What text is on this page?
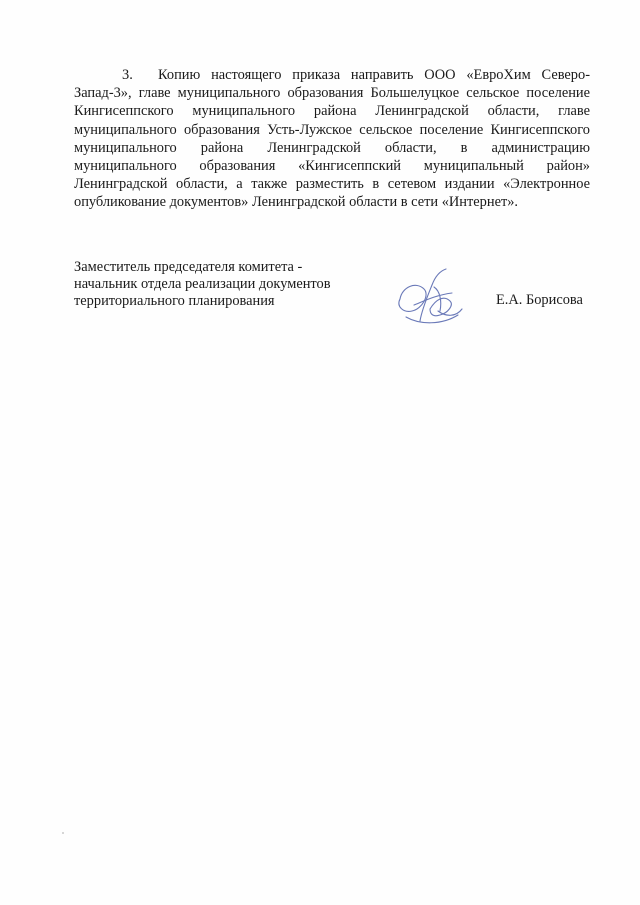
3. Копию настоящего приказа направить ООО «ЕвроХим Северо-Запад-3», главе муниципального образования Большелуцкое сельское поселение Кингисеппского муниципального района Ленинградской области, главе муниципального образования Усть-Лужское сельское поселение Кингисеппского муниципального района Ленинградской области, в администрацию муниципального образования «Кингисеппский муниципальный район» Ленинградской области, а также разместить в сетевом издании «Электронное опубликование документов» Ленинградской области в сети «Интернет».

Заместитель председателя комитета -
начальник отдела реализации документов
территориального планирования	Е.А. Борисова
